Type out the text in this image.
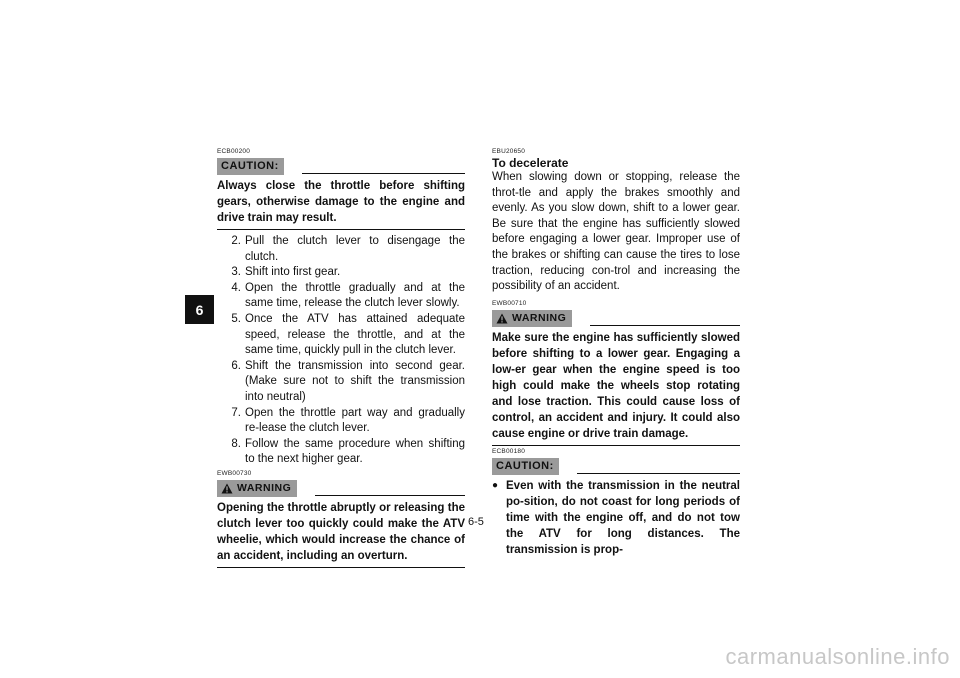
6
ECB00200
CAUTION:

Always close the throttle before shifting gears, otherwise damage to the engine and drive train may result.

2. Pull the clutch lever to disengage the clutch.
3. Shift into first gear.
4. Open the throttle gradually and at the same time, release the clutch lever slowly.
5. Once the ATV has attained adequate speed, release the throttle, and at the same time, quickly pull in the clutch lever.
6. Shift the transmission into second gear. (Make sure not to shift the transmission into neutral)
7. Open the throttle part way and gradually re-lease the clutch lever.
8. Follow the same procedure when shifting to the next higher gear.
EWB00730
WARNING

Opening the throttle abruptly or releasing the clutch lever too quickly could make the ATV wheelie, which would increase the chance of an accident, including an overturn.

EBU20650
To decelerate

When slowing down or stopping, release the throt-tle and apply the brakes smoothly and evenly. As you slow down, shift to a lower gear. Be sure that the engine has sufficiently slowed before engaging a lower gear. Improper use of the brakes or shifting can cause the tires to lose traction, reducing con-trol and increasing the possibility of an accident.

EWB00710
WARNING

Make sure the engine has sufficiently slowed before shifting to a lower gear. Engaging a low-er gear when the engine speed is too high could make the wheels stop rotating and lose traction. This could cause loss of control, an accident and injury. It could also cause engine or drive train damage.

ECB00180
CAUTION:
● Even with the transmission in the neutral po-sition, do not coast for long periods of time with the engine off, and do not tow the ATV for long distances. The transmission is prop-
6-5
carmanualsonline.info
